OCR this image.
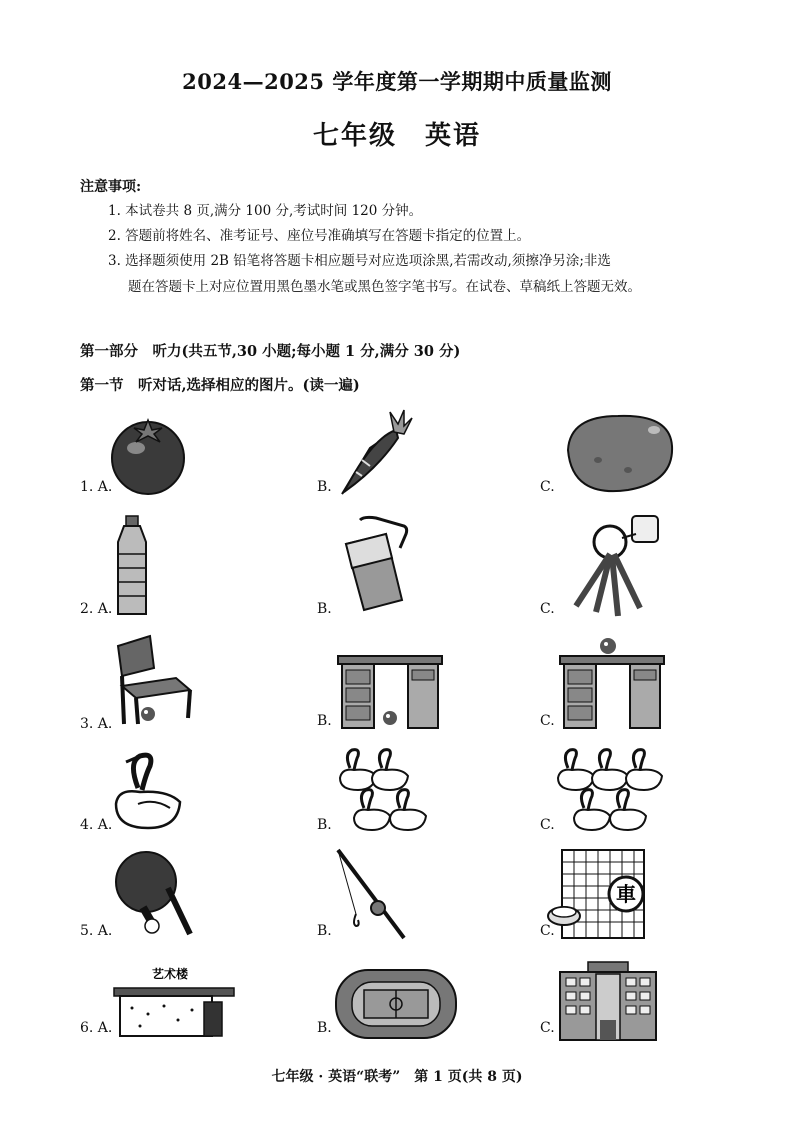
2024—2025 学年度第一学期期中质量监测
七年级　英语
注意事项:
1. 本试卷共 8 页,满分 100 分,考试时间 120 分钟。
2. 答题前将姓名、准考证号、座位号准确填写在答题卡指定的位置上。
3. 选择题须使用 2B 铅笔将答题卡相应题号对应选项涂黑,若需改动,须擦净另涂;非选
题在答题卡上对应位置用黑色墨水笔或黑色签字笔书写。在试卷、草稿纸上答题无效。
第一部分　听力(共五节,30 小题;每小题 1 分,满分 30 分)
第一节　听对话,选择相应的图片。(读一遍)
1. A.	B.	C.
2. A.	B.	C.
3. A.	B.	C.
4. A.	B.	C.
5. A.	B.
車
C.
艺术楼
6. A.	B.	C.
七年级 · 英语“联考”　第 1 页(共 8 页)
